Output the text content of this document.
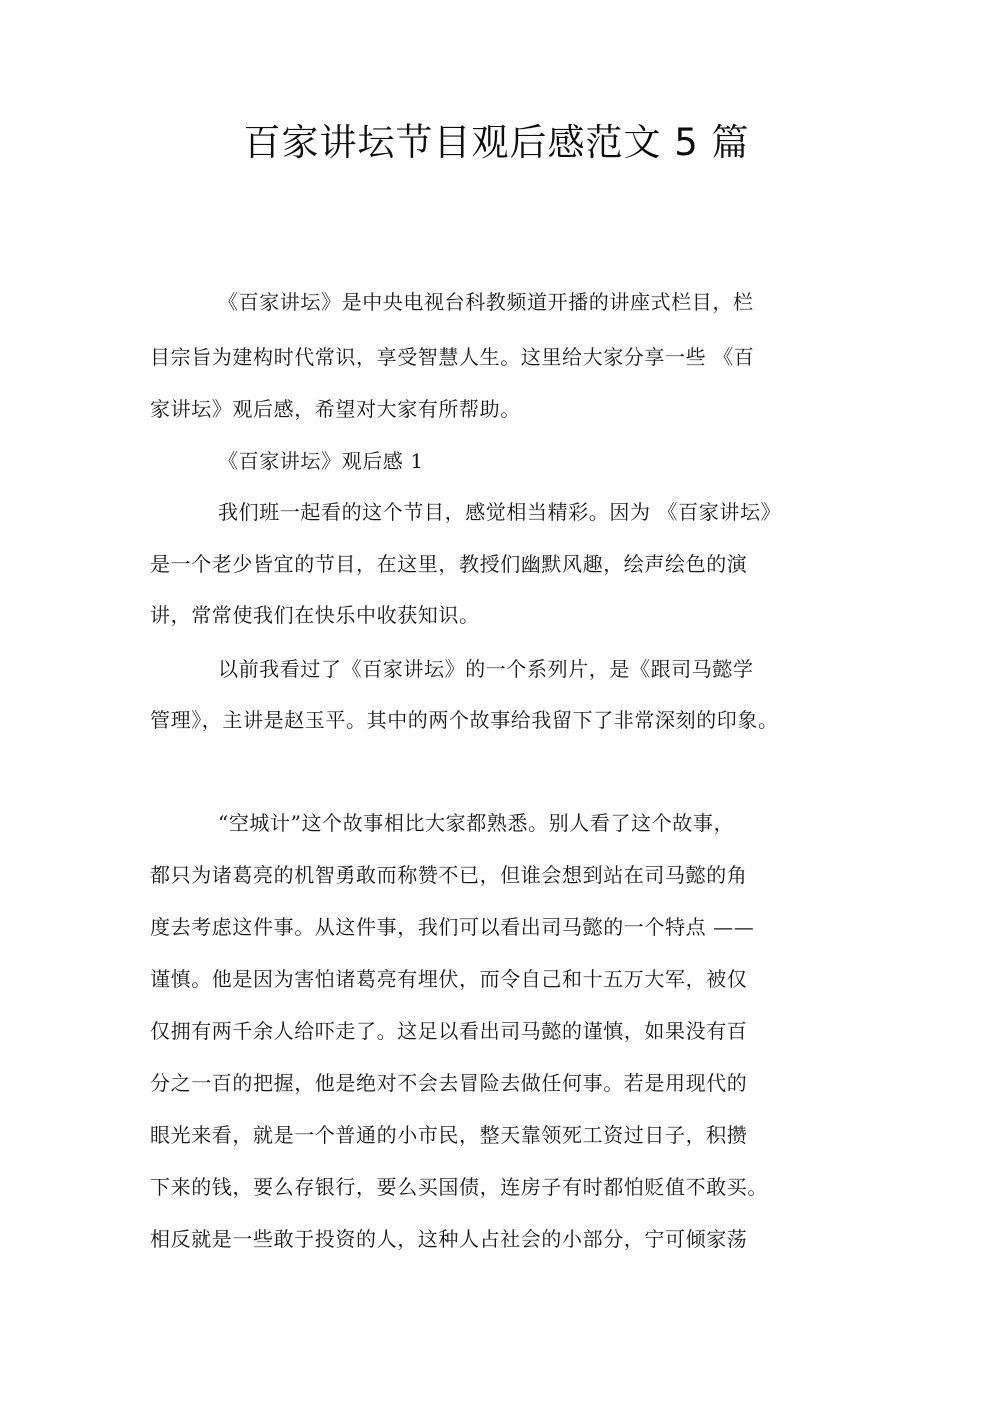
百家讲坛节目观后感范文 5 篇
《百家讲坛》是中央电视台科教频道开播的讲座式栏目，栏
目宗旨为建构时代常识，享受智慧人生。这里给大家分享一些 《百
家讲坛》观后感，希望对大家有所帮助。
《百家讲坛》观后感 1
我们班一起看的这个节目，感觉相当精彩。因为 《百家讲坛》
是一个老少皆宜的节目，在这里，教授们幽默风趣，绘声绘色的演
讲，常常使我们在快乐中收获知识。
以前我看过了《百家讲坛》的一个系列片，是《跟司马懿学
管理》，主讲是赵玉平。其中的两个故事给我留下了非常深刻的印象。
“空城计”这个故事相比大家都熟悉。别人看了这个故事，
都只为诸葛亮的机智勇敢而称赞不已，但谁会想到站在司马懿的角
度去考虑这件事。从这件事，我们可以看出司马懿的一个特点 ——
谨慎。他是因为害怕诸葛亮有埋伏，而令自己和十五万大军，被仅
仅拥有两千余人给吓走了。这足以看出司马懿的谨慎，如果没有百
分之一百的把握，他是绝对不会去冒险去做任何事。若是用现代的
眼光来看，就是一个普通的小市民，整天靠领死工资过日子，积攒
下来的钱，要么存银行，要么买国债，连房子有时都怕贬值不敢买。
相反就是一些敢于投资的人，这种人占社会的小部分，宁可倾家荡
